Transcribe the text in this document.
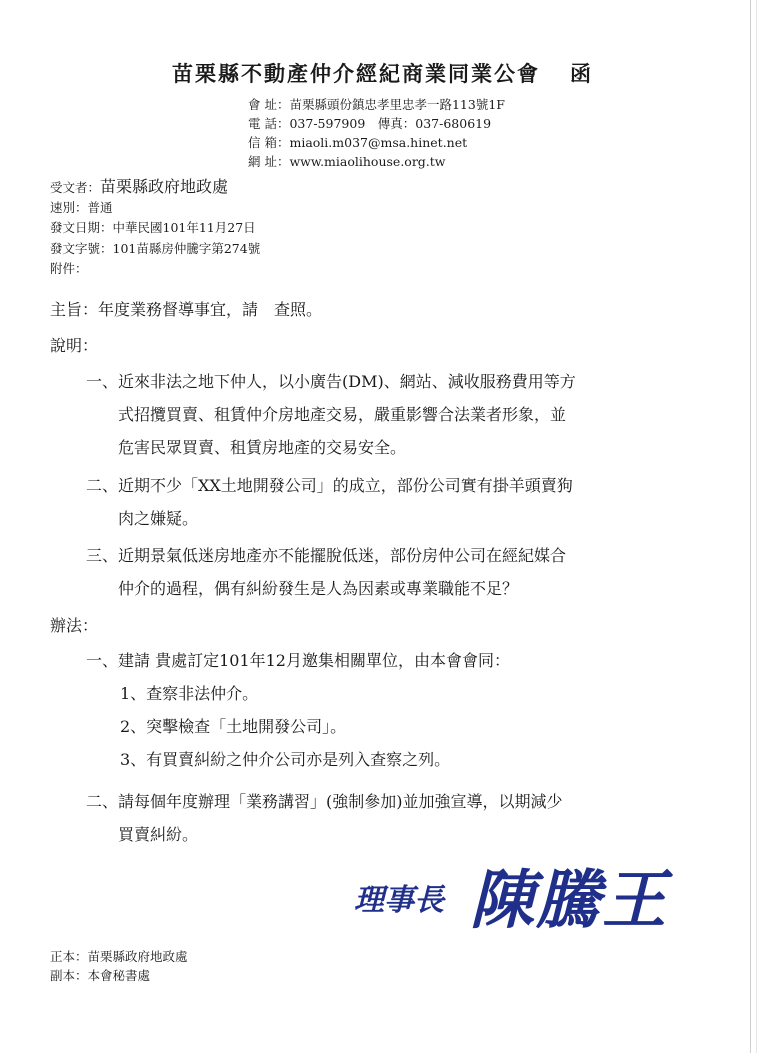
苗栗縣不動產仲介經紀商業同業公會 函
會 址：苗栗縣頭份鎮忠孝里忠孝一路113號1F
電 話：037-597909　傳真：037-680619
信 箱：miaoli.m037@msa.hinet.net
網 址：www.miaolihouse.org.tw
受文者：苗栗縣政府地政處
速別：普通
發文日期：中華民國101年11月27日
發文字號：101苗縣房仲騰字第274號
附件：
主旨：年度業務督導事宜，請　查照。
說明：
一、 近來非法之地下仲人，以小廣告(DM)、網站、減收服務費用等方
式招攬買賣、租賃仲介房地產交易，嚴重影響合法業者形象，並
危害民眾買賣、租賃房地產的交易安全。
二、 近期不少「XX土地開發公司」的成立，部份公司實有掛羊頭賣狗
肉之嫌疑。
三、 近期景氣低迷房地產亦不能擺脫低迷，部份房仲公司在經紀媒合
仲介的過程，偶有糾紛發生是人為因素或專業職能不足？
辦法：
一、 建請 貴處訂定101年12月邀集相關單位，由本會會同：
1、查察非法仲介。
2、突擊檢查「土地開發公司」。
3、有買賣糾紛之仲介公司亦是列入查察之列。
二、 請每個年度辦理「業務講習」(強制參加)並加強宣導，以期減少
買賣糾紛。
理事長 陳騰王
正本：苗栗縣政府地政處
副本：本會秘書處
